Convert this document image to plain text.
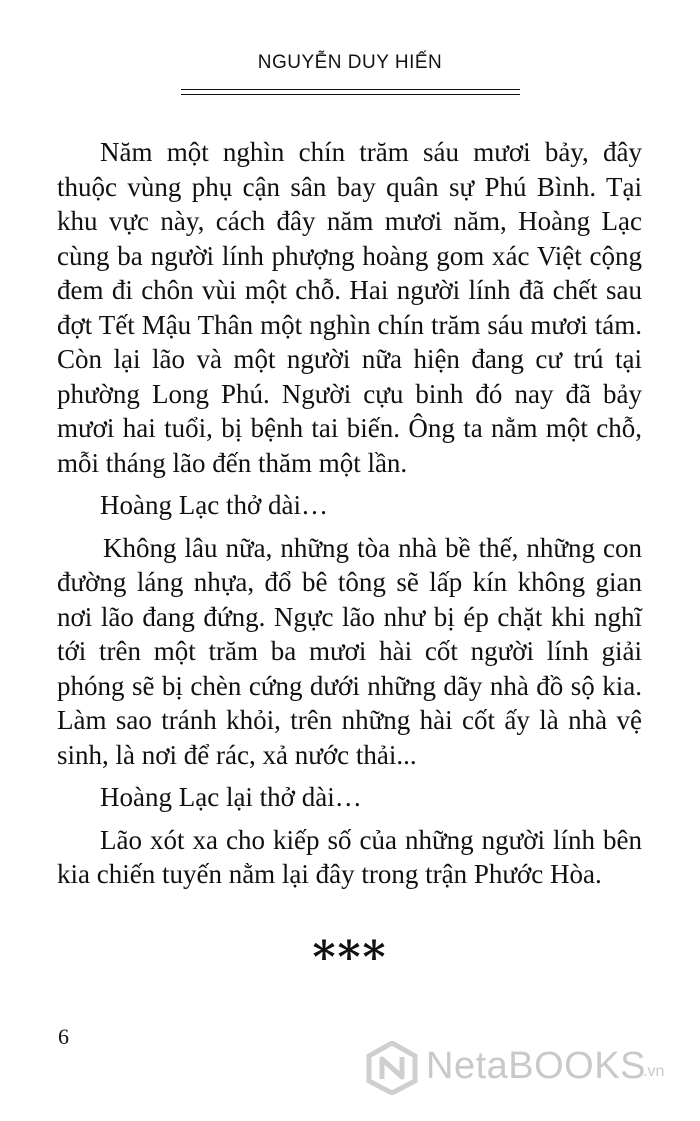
NGUYỄN DUY HIẾN

Năm một nghìn chín trăm sáu mươi bảy, đây thuộc vùng phụ cận sân bay quân sự Phú Bình. Tại khu vực này, cách đây năm mươi năm, Hoàng Lạc cùng ba người lính phượng hoàng gom xác Việt cộng đem đi chôn vùi một chỗ. Hai người lính đã chết sau đợt Tết Mậu Thân một nghìn chín trăm sáu mươi tám. Còn lại lão và một người nữa hiện đang cư trú tại phường Long Phú. Người cựu binh đó nay đã bảy mươi hai tuổi, bị bệnh tai biến. Ông ta nằm một chỗ, mỗi tháng lão đến thăm một lần.

Hoàng Lạc thở dài…

Không lâu nữa, những tòa nhà bề thế, những con đường láng nhựa, đổ bê tông sẽ lấp kín không gian nơi lão đang đứng. Ngực lão như bị ép chặt khi nghĩ tới trên một trăm ba mươi hài cốt người lính giải phóng sẽ bị chèn cứng dưới những dãy nhà đồ sộ kia. Làm sao tránh khỏi, trên những hài cốt ấy là nhà vệ sinh, là nơi để rác, xả nước thải...

Hoàng Lạc lại thở dài…

Lão xót xa cho kiếp số của những người lính bên kia chiến tuyến nằm lại đây trong trận Phước Hòa.

***
6
NetaBOOKS
.vn
